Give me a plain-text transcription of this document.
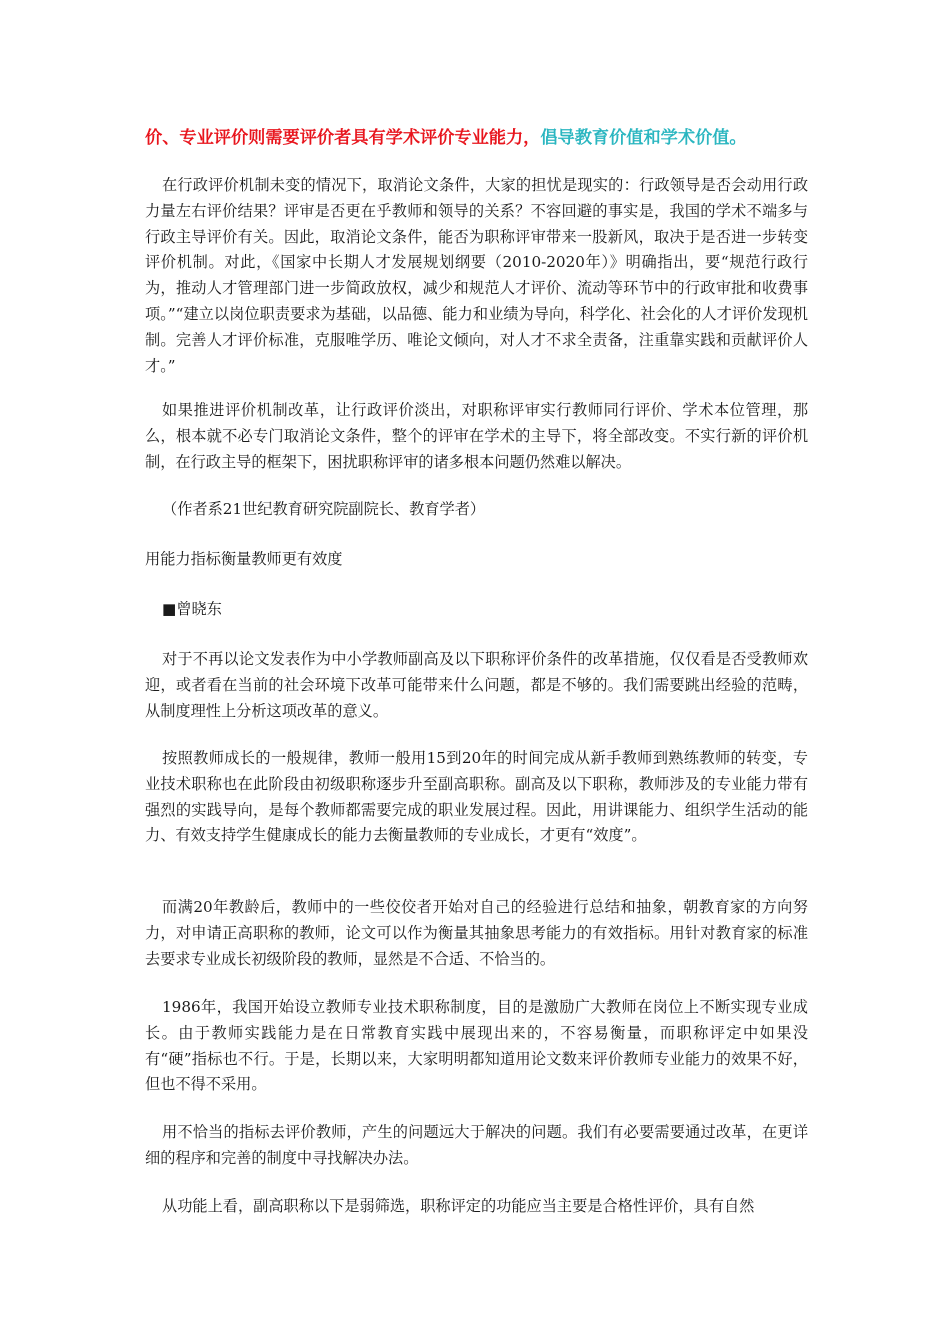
价、专业评价则需要评价者具有学术评价专业能力，倡导教育价值和学术价值。

在行政评价机制未变的情况下，取消论文条件，大家的担忧是现实的：行政领导是否会动用行政力量左右评价结果？评审是否更在乎教师和领导的关系？不容回避的事实是，我国的学术不端多与行政主导评价有关。因此，取消论文条件，能否为职称评审带来一股新风，取决于是否进一步转变评价机制。对此，《国家中长期人才发展规划纲要（2010-2020年）》明确指出，要“规范行政行为，推动人才管理部门进一步简政放权，减少和规范人才评价、流动等环节中的行政审批和收费事项。”“建立以岗位职责要求为基础，以品德、能力和业绩为导向，科学化、社会化的人才评价发现机制。完善人才评价标准，克服唯学历、唯论文倾向，对人才不求全责备，注重靠实践和贡献评价人才。”

如果推进评价机制改革，让行政评价淡出，对职称评审实行教师同行评价、学术本位管理，那么，根本就不必专门取消论文条件，整个的评审在学术的主导下，将全部改变。不实行新的评价机制，在行政主导的框架下，困扰职称评审的诸多根本问题仍然难以解决。

（作者系21世纪教育研究院副院长、教育学者）

用能力指标衡量教师更有效度

■曾晓东

对于不再以论文发表作为中小学教师副高及以下职称评价条件的改革措施，仅仅看是否受教师欢迎，或者看在当前的社会环境下改革可能带来什么问题，都是不够的。我们需要跳出经验的范畴，从制度理性上分析这项改革的意义。

按照教师成长的一般规律，教师一般用15到20年的时间完成从新手教师到熟练教师的转变，专业技术职称也在此阶段由初级职称逐步升至副高职称。副高及以下职称，教师涉及的专业能力带有强烈的实践导向，是每个教师都需要完成的职业发展过程。因此，用讲课能力、组织学生活动的能力、有效支持学生健康成长的能力去衡量教师的专业成长，才更有“效度”。

而满20年教龄后，教师中的一些佼佼者开始对自己的经验进行总结和抽象，朝教育家的方向努力，对申请正高职称的教师，论文可以作为衡量其抽象思考能力的有效指标。用针对教育家的标准去要求专业成长初级阶段的教师，显然是不合适、不恰当的。

1986年，我国开始设立教师专业技术职称制度，目的是激励广大教师在岗位上不断实现专业成长。由于教师实践能力是在日常教育实践中展现出来的，不容易衡量，而职称评定中如果没有“硬”指标也不行。于是，长期以来，大家明明都知道用论文数来评价教师专业能力的效果不好，但也不得不采用。

用不恰当的指标去评价教师，产生的问题远大于解决的问题。我们有必要需要通过改革，在更详细的程序和完善的制度中寻找解决办法。

从功能上看，副高职称以下是弱筛选，职称评定的功能应当主要是合格性评价，具有自然
